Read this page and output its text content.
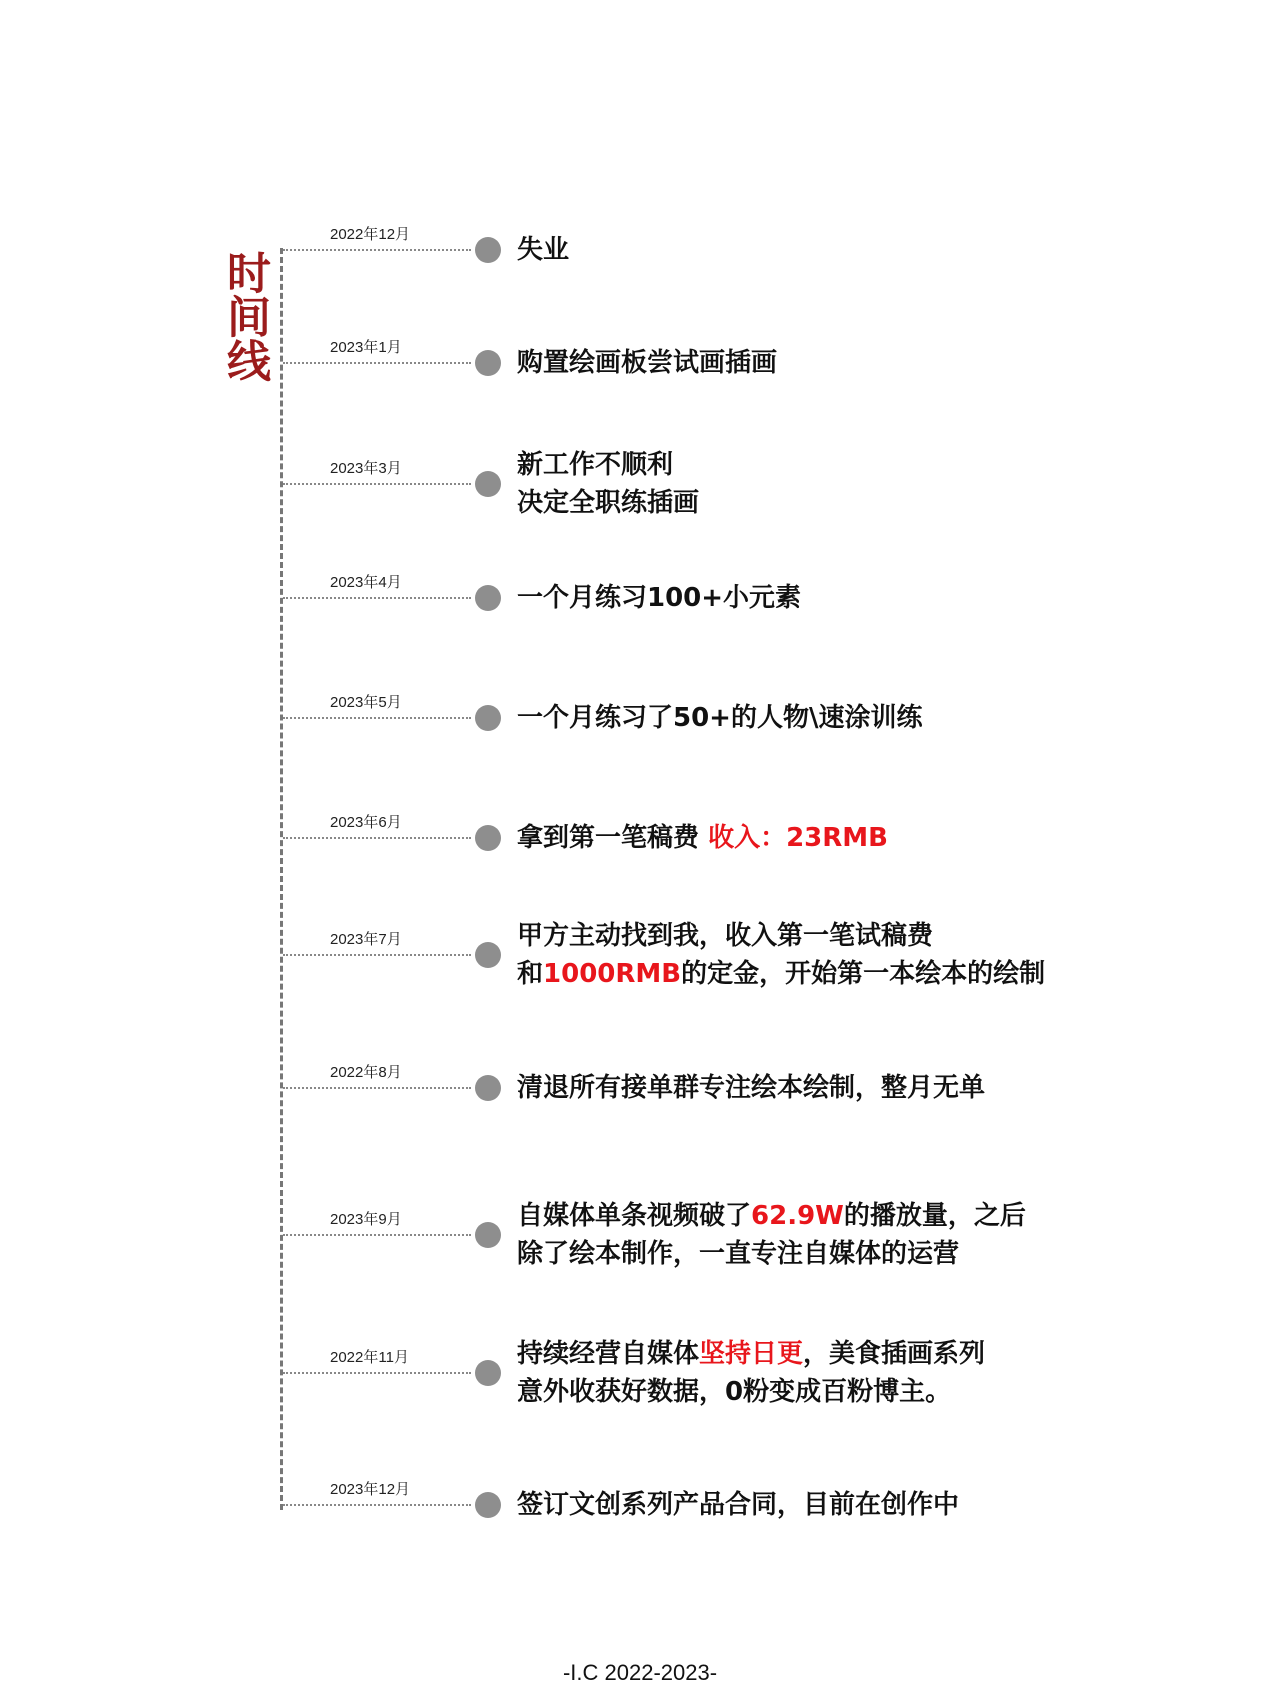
时间线
2022年12月
失业
2023年1月
购置绘画板尝试画插画
2023年3月	新工作不顺利
决定全职练插画
2023年4月
一个月练习100+小元素
2023年5月
一个月练习了50+的人物\速涂训练
2023年6月
拿到第一笔稿费 收入：23RMB
2023年7月	甲方主动找到我，收入第一笔试稿费
和1000RMB的定金，开始第一本绘本的绘制
2022年8月
清退所有接单群专注绘本绘制，整月无单
2023年9月	自媒体单条视频破了62.9W的播放量，之后
除了绘本制作，一直专注自媒体的运营
2022年11月	持续经营自媒体坚持日更，美食插画系列
意外收获好数据，0粉变成百粉博主。
2023年12月
签订文创系列产品合同，目前在创作中
-I.C 2022-2023-
